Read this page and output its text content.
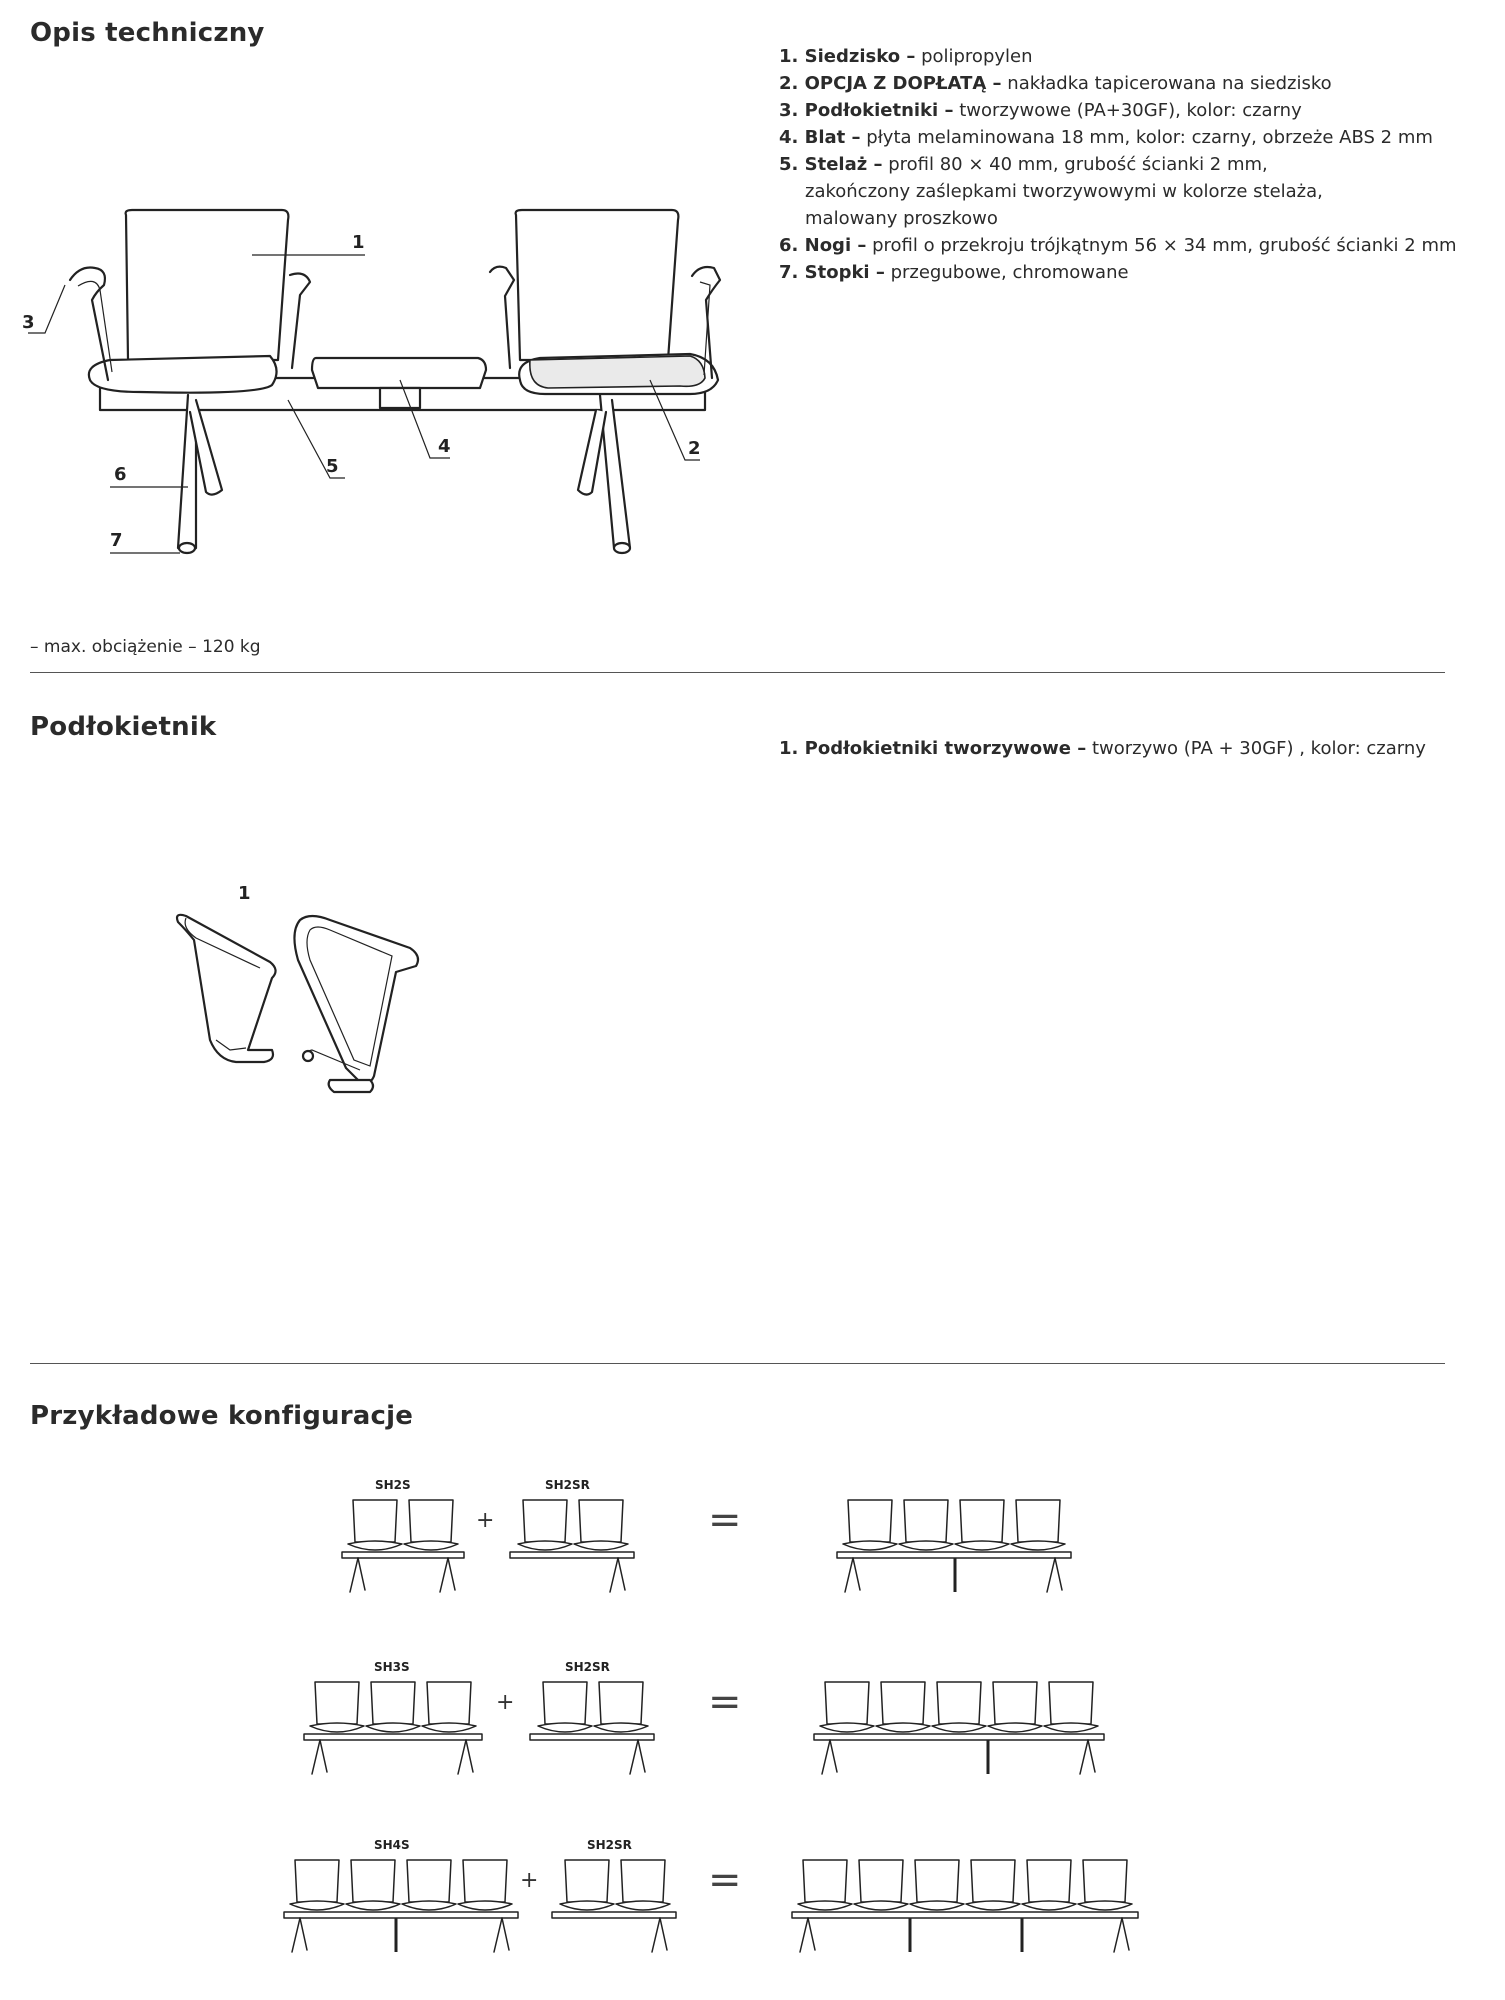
Opis techniczny
1. Siedzisko – polipropylen
2. OPCJA Z DOPŁATĄ – nakładka tapicerowana na siedzisko
3. Podłokietniki – tworzywowe (PA+30GF), kolor: czarny
4. Blat – płyta melaminowana 18 mm, kolor: czarny, obrzeże ABS 2 mm
5. Stelaż – profil 80 × 40 mm, grubość ścianki 2 mm,
zakończony zaślepkami tworzywowymi w kolorze stelaża,
malowany proszkowo
6. Nogi – profil o przekroju trójkątnym 56 × 34 mm, grubość ścianki 2 mm
7. Stopki – przegubowe, chromowane
1
2
3
4
5
6
7
– max. obciążenie – 120 kg
Podłokietnik
1. Podłokietniki tworzywowe – tworzywo (PA + 30GF) , kolor: czarny
1
Przykładowe konfiguracje
SH2S	SH2SR
+	=
SH3S	SH2SR
+	=
SH4S	SH2SR
+	=
